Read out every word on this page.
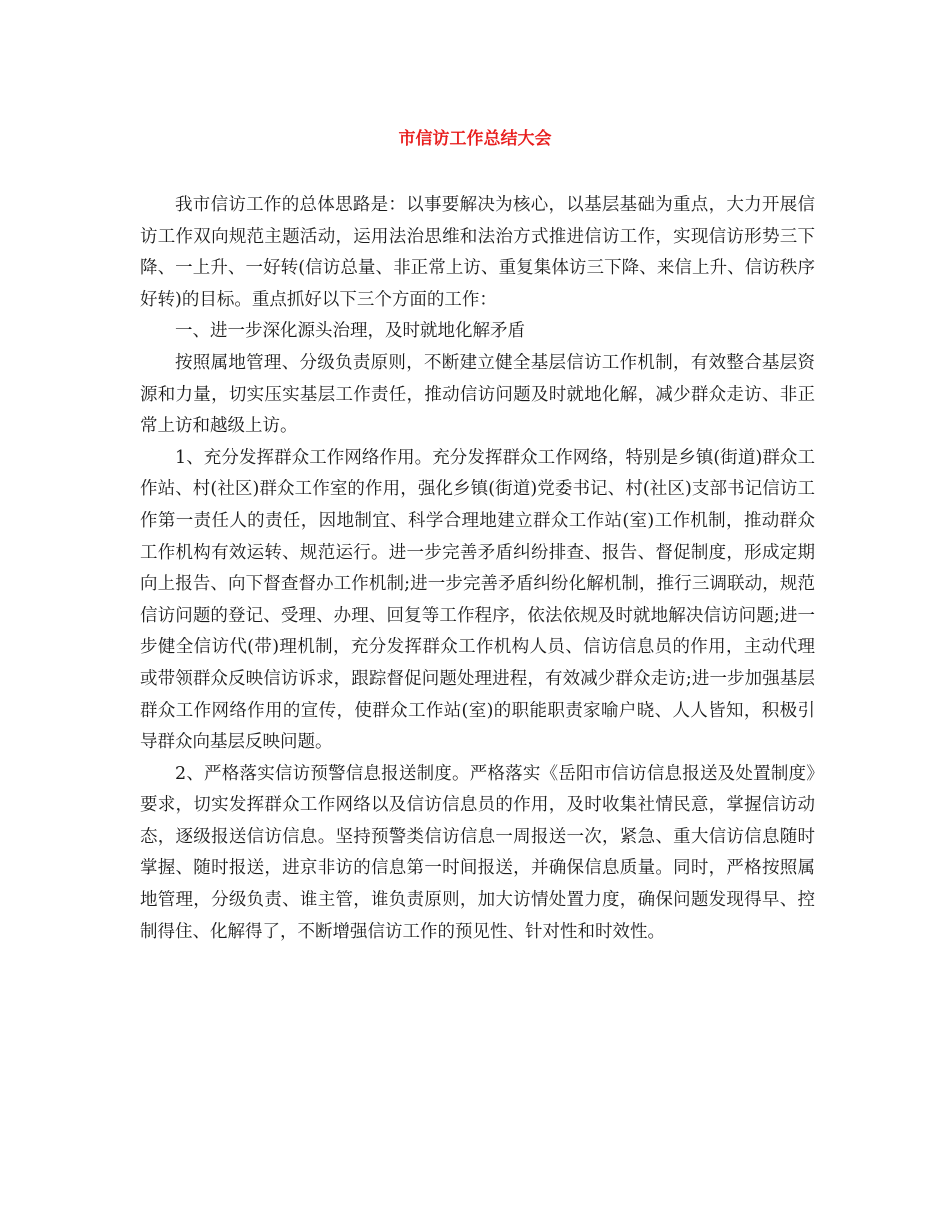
市信访工作总结大会

我市信访工作的总体思路是：以事要解决为核心，以基层基础为重点，大力开展信访工作双向规范主题活动，运用法治思维和法治方式推进信访工作，实现信访形势三下降、一上升、一好转(信访总量、非正常上访、重复集体访三下降、来信上升、信访秩序好转)的目标。重点抓好以下三个方面的工作：

一、进一步深化源头治理，及时就地化解矛盾

按照属地管理、分级负责原则，不断建立健全基层信访工作机制，有效整合基层资源和力量，切实压实基层工作责任，推动信访问题及时就地化解，减少群众走访、非正常上访和越级上访。

1、充分发挥群众工作网络作用。充分发挥群众工作网络，特别是乡镇(街道)群众工作站、村(社区)群众工作室的作用，强化乡镇(街道)党委书记、村(社区)支部书记信访工作第一责任人的责任，因地制宜、科学合理地建立群众工作站(室)工作机制，推动群众工作机构有效运转、规范运行。进一步完善矛盾纠纷排查、报告、督促制度，形成定期向上报告、向下督查督办工作机制;进一步完善矛盾纠纷化解机制，推行三调联动，规范信访问题的登记、受理、办理、回复等工作程序，依法依规及时就地解决信访问题;进一步健全信访代(带)理机制，充分发挥群众工作机构人员、信访信息员的作用，主动代理或带领群众反映信访诉求，跟踪督促问题处理进程，有效减少群众走访;进一步加强基层群众工作网络作用的宣传，使群众工作站(室)的职能职责家喻户晓、人人皆知，积极引导群众向基层反映问题。

2、严格落实信访预警信息报送制度。严格落实《岳阳市信访信息报送及处置制度》要求，切实发挥群众工作网络以及信访信息员的作用，及时收集社情民意，掌握信访动态，逐级报送信访信息。坚持预警类信访信息一周报送一次，紧急、重大信访信息随时掌握、随时报送，进京非访的信息第一时间报送，并确保信息质量。同时，严格按照属地管理，分级负责、谁主管，谁负责原则，加大访情处置力度，确保问题发现得早、控制得住、化解得了，不断增强信访工作的预见性、针对性和时效性。
